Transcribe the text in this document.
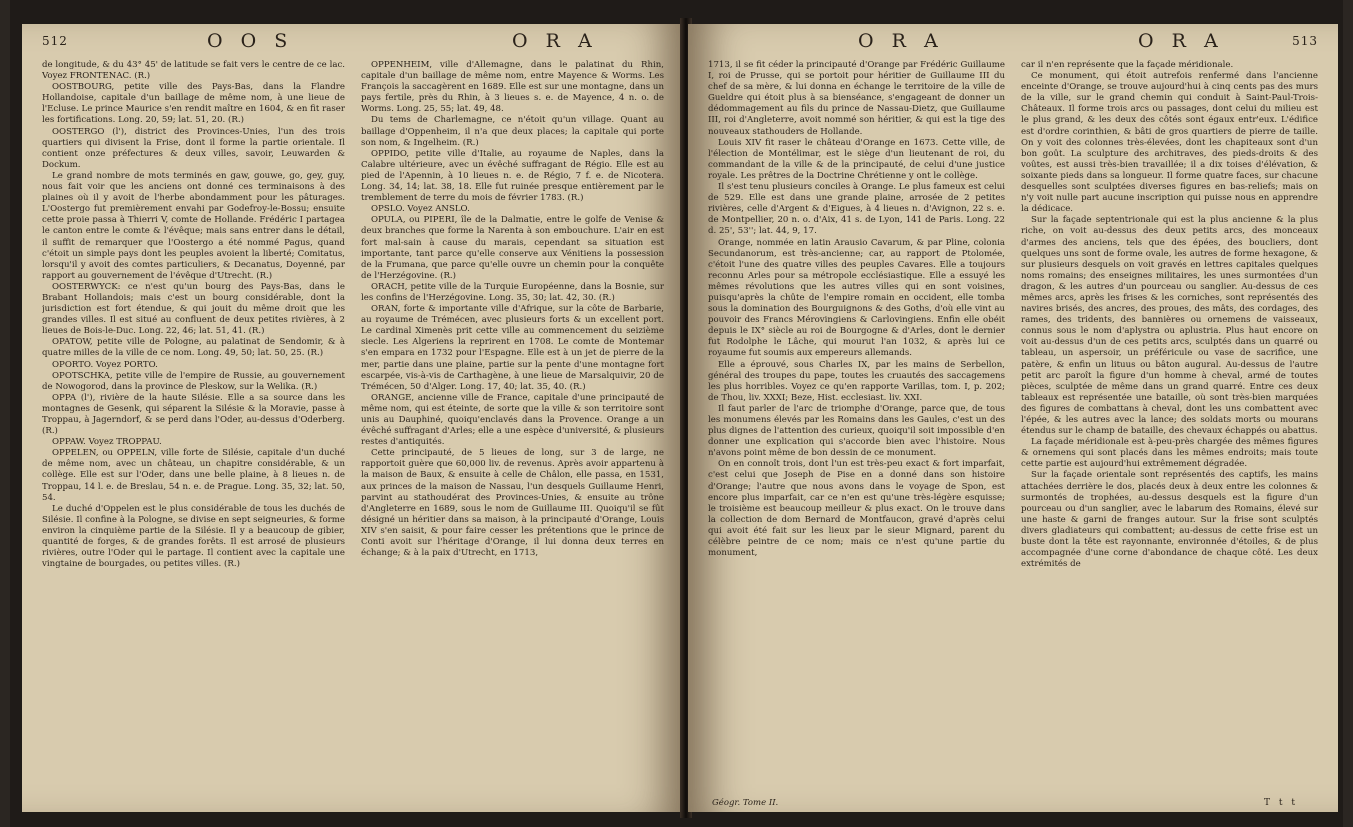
512	O O S	O R A

de longitude, & du 43° 45' de latitude se fait vers le centre de ce lac. Voyez FRONTENAC. (R.)

OOSTBOURG, petite ville des Pays-Bas, dans la Flandre Hollandoise, capitale d'un baillage de même nom, à une lieue de l'Ecluse. Le prince Maurice s'en rendit maître en 1604, & en fit raser les fortifications. Long. 20, 59; lat. 51, 20. (R.)

OOSTERGO (l'), district des Provinces-Unies, l'un des trois quartiers qui divisent la Frise, dont il forme la partie orientale. Il contient onze préfectures & deux villes, savoir, Leuwarden & Dockum.

Le grand nombre de mots terminés en gaw, gouwe, go, gey, guy, nous fait voir que les anciens ont donné ces terminaisons à des plaines où il y avoit de l'herbe abondamment pour les pâturages. L'Oostergo fut premièrement envahi par Godefroy-le-Bossu; ensuite cette proie passa à Thierri V, comte de Hollande. Frédéric I partagea le canton entre le comte & l'évêque; mais sans entrer dans le détail, il suffit de remarquer que l'Oostergo a été nommé Pagus, quand c'étoit un simple pays dont les peuples avoient la liberté; Comitatus, lorsqu'il y avoit des comtes particuliers, & Decanatus, Doyenné, par rapport au gouvernement de l'évêque d'Utrecht. (R.)

OOSTERWYCK: ce n'est qu'un bourg des Pays-Bas, dans le Brabant Hollandois; mais c'est un bourg considérable, dont la jurisdiction est fort étendue, & qui jouit du même droit que les grandes villes. Il est situé au confluent de deux petites rivières, à 2 lieues de Bois-le-Duc. Long. 22, 46; lat. 51, 41. (R.)

OPATOW, petite ville de Pologne, au palatinat de Sendomir, & à quatre milles de la ville de ce nom. Long. 49, 50; lat. 50, 25. (R.)

OPORTO. Voyez PORTO.

OPOTSCHKA, petite ville de l'empire de Russie, au gouvernement de Nowogorod, dans la province de Pleskow, sur la Welika. (R.)

OPPA (l'), rivière de la haute Silésie. Elle a sa source dans les montagnes de Gesenk, qui séparent la Silésie & la Moravie, passe à Troppau, à Jagerndorf, & se perd dans l'Oder, au-dessus d'Oderberg. (R.)

OPPAW. Voyez TROPPAU.

OPPELEN, ou OPPELN, ville forte de Silésie, capitale d'un duché de même nom, avec un château, un chapitre considérable, & un collège. Elle est sur l'Oder, dans une belle plaine, à 8 lieues n. de Troppau, 14 l. e. de Breslau, 54 n. e. de Prague. Long. 35, 32; lat. 50, 54.

Le duché d'Oppelen est le plus considérable de tous les duchés de Silésie. Il confine à la Pologne, se divise en sept seigneuries, & forme environ la cinquième partie de la Silésie. Il y a beaucoup de gibier, quantité de forges, & de grandes forêts. Il est arrosé de plusieurs rivières, outre l'Oder qui le partage. Il contient avec la capitale une vingtaine de bourgades, ou petites villes. (R.)

OPPENHEIM, ville d'Allemagne, dans le palatinat du Rhin, capitale d'un baillage de même nom, entre Mayence & Worms. Les François la saccagèrent en 1689. Elle est sur une montagne, dans un pays fertile, près du Rhin, à 3 lieues s. e. de Mayence, 4 n. o. de Worms. Long. 25, 55; lat. 49, 48.

Du tems de Charlemagne, ce n'étoit qu'un village. Quant au baillage d'Oppenheim, il n'a que deux places; la capitale qui porte son nom, & Ingelheim. (R.)

OPPIDO, petite ville d'Italie, au royaume de Naples, dans la Calabre ultérieure, avec un évêché suffragant de Régio. Elle est au pied de l'Apennin, à 10 lieues n. e. de Régio, 7 f. e. de Nicotera. Long. 34, 14; lat. 38, 18. Elle fut ruinée presque entièrement par le tremblement de terre du mois de février 1783. (R.)

OPSLO. Voyez ANSLO.

OPULA, ou PIPERI, île de la Dalmatie, entre le golfe de Venise & deux branches que forme la Narenta à son embouchure. L'air en est fort mal-sain à cause du marais, cependant sa situation est importante, tant parce qu'elle conserve aux Vénitiens la possession de la Frumana, que parce qu'elle ouvre un chemin pour la conquête de l'Herzégovine. (R.)

ORACH, petite ville de la Turquie Européenne, dans la Bosnie, sur les confins de l'Herzégovine. Long. 35, 30; lat. 42, 30. (R.)

ORAN, forte & importante ville d'Afrique, sur la côte de Barbarie, au royaume de Trémécen, avec plusieurs forts & un excellent port. Le cardinal Ximenès prit cette ville au commencement du seizième siecle. Les Algeriens la reprirent en 1708. Le comte de Montemar s'en empara en 1732 pour l'Espagne. Elle est à un jet de pierre de la mer, partie dans une plaine, partie sur la pente d'une montagne fort escarpée, vis-à-vis de Carthagène, à une lieue de Marsalquivir, 20 de Trémécen, 50 d'Alger. Long. 17, 40; lat. 35, 40. (R.)

ORANGE, ancienne ville de France, capitale d'une principauté de même nom, qui est éteinte, de sorte que la ville & son territoire sont unis au Dauphiné, quoiqu'enclavés dans la Provence. Orange a un évêché suffragant d'Arles; elle a une espèce d'université, & plusieurs restes d'antiquités.

Cette principauté, de 5 lieues de long, sur 3 de large, ne rapportoit guère que 60,000 liv. de revenus. Après avoir appartenu à la maison de Baux, & ensuite à celle de Châlon, elle passa, en 1531, aux princes de la maison de Nassau, l'un desquels Guillaume Henri, parvint au stathoudérat des Provinces-Unies, & ensuite au trône d'Angleterre en 1689, sous le nom de Guillaume III. Quoiqu'il se fût désigné un héritier dans sa maison, à la principauté d'Orange, Louis XIV s'en saisit, & pour faire cesser les prétentions que le prince de Conti avoit sur l'héritage d'Orange, il lui donna deux terres en échange; & à la paix d'Utrecht, en 1713,

O R A	O R A	513

1713, il se fit céder la principauté d'Orange par Frédéric Guillaume I, roi de Prusse, qui se portoit pour héritier de Guillaume III du chef de sa mère, & lui donna en échange le territoire de la ville de Gueldre qui étoit plus à sa bienséance, s'engageant de donner un dédommagement au fils du prince de Nassau-Dietz, que Guillaume III, roi d'Angleterre, avoit nommé son héritier, & qui est la tige des nouveaux stathouders de Hollande.

Louis XIV fit raser le château d'Orange en 1673. Cette ville, de l'élection de Montélimar, est le siège d'un lieutenant de roi, du commandant de la ville & de la principauté, de celui d'une justice royale. Les prêtres de la Doctrine Chrétienne y ont le collège.

Il s'est tenu plusieurs conciles à Orange. Le plus fameux est celui de 529. Elle est dans une grande plaine, arrosée de 2 petites rivières, celle d'Argent & d'Eigues, à 4 lieues n. d'Avignon, 22 s. e. de Montpellier, 20 n. o. d'Aix, 41 s. de Lyon, 141 de Paris. Long. 22 d. 25', 53''; lat. 44, 9, 17.

Orange, nommée en latin Arausio Cavarum, & par Pline, colonia Secundanorum, est très-ancienne; car, au rapport de Ptolomée, c'étoit l'une des quatre villes des peuples Cavares. Elle a toujours reconnu Arles pour sa métropole ecclésiastique. Elle a essuyé les mêmes révolutions que les autres villes qui en sont voisines, puisqu'après la chûte de l'empire romain en occident, elle tomba sous la domination des Bourguignons & des Goths, d'où elle vint au pouvoir des Francs Mérovingiens & Carlovingiens. Enfin elle obéit depuis le IX° siècle au roi de Bourgogne & d'Arles, dont le dernier fut Rodolphe le Lâche, qui mourut l'an 1032, & après lui ce royaume fut soumis aux empereurs allemands.

Elle a éprouvé, sous Charles IX, par les mains de Serbellon, général des troupes du pape, toutes les cruautés des saccagemens les plus horribles. Voyez ce qu'en rapporte Varillas, tom. I, p. 202; de Thou, liv. XXXI; Beze, Hist. ecclesiast. liv. XXI.

Il faut parler de l'arc de triomphe d'Orange, parce que, de tous les monumens élevés par les Romains dans les Gaules, c'est un des plus dignes de l'attention des curieux, quoiqu'il soit impossible d'en donner une explication qui s'accorde bien avec l'histoire. Nous n'avons point même de bon dessin de ce monument.

On en connoît trois, dont l'un est très-peu exact & fort imparfait, c'est celui que Joseph de Pise en a donné dans son histoire d'Orange; l'autre que nous avons dans le voyage de Spon, est encore plus imparfait, car ce n'en est qu'une très-légère esquisse; le troisième est beaucoup meilleur & plus exact. On le trouve dans la collection de dom Bernard de Montfaucon, gravé d'après celui qui avoit été fait sur les lieux par le sieur Mignard, parent du célèbre peintre de ce nom; mais ce n'est qu'une partie du monument,

car il n'en représente que la façade méridionale.

Ce monument, qui étoit autrefois renfermé dans l'ancienne enceinte d'Orange, se trouve aujourd'hui à cinq cents pas des murs de la ville, sur le grand chemin qui conduit à Saint-Paul-Trois-Châteaux. Il forme trois arcs ou passages, dont celui du milieu est le plus grand, & les deux des côtés sont égaux entr'eux. L'édifice est d'ordre corinthien, & bâti de gros quartiers de pierre de taille. On y voit des colonnes très-élevées, dont les chapiteaux sont d'un bon goût. La sculpture des architraves, des pieds-droits & des voûtes, est aussi très-bien travaillée; il a dix toises d'élévation, & soixante pieds dans sa longueur. Il forme quatre faces, sur chacune desquelles sont sculptées diverses figures en bas-reliefs; mais on n'y voit nulle part aucune inscription qui puisse nous en apprendre la dédicace.

Sur la façade septentrionale qui est la plus ancienne & la plus riche, on voit au-dessus des deux petits arcs, des monceaux d'armes des anciens, tels que des épées, des boucliers, dont quelques uns sont de forme ovale, les autres de forme hexagone, & sur plusieurs desquels on voit gravés en lettres capitales quelques noms romains; des enseignes militaires, les unes surmontées d'un dragon, & les autres d'un pourceau ou sanglier. Au-dessus de ces mêmes arcs, après les frises & les corniches, sont représentés des navires brisés, des ancres, des proues, des mâts, des cordages, des rames, des tridents, des bannières ou ornemens de vaisseaux, connus sous le nom d'aplystra ou aplustria. Plus haut encore on voit au-dessus d'un de ces petits arcs, sculptés dans un quarré ou tableau, un aspersoir, un préféricule ou vase de sacrifice, une patère, & enfin un lituus ou bâton augural. Au-dessus de l'autre petit arc paroît la figure d'un homme à cheval, armé de toutes pièces, sculptée de même dans un grand quarré. Entre ces deux tableaux est représentée une bataille, où sont très-bien marquées des figures de combattans à cheval, dont les uns combattent avec l'épée, & les autres avec la lance; des soldats morts ou mourans étendus sur le champ de bataille, des chevaux échappés ou abattus.

La façade méridionale est à-peu-près chargée des mêmes figures & ornemens qui sont placés dans les mêmes endroits; mais toute cette partie est aujourd'hui extrêmement dégradée.

Sur la façade orientale sont représentés des captifs, les mains attachées derrière le dos, placés deux à deux entre les colonnes & surmontés de trophées, au-dessus desquels est la figure d'un pourceau ou d'un sanglier, avec le labarum des Romains, élevé sur une haste & garni de franges autour. Sur la frise sont sculptés divers gladiateurs qui combattent; au-dessus de cette frise est un buste dont la tête est rayonnante, environnée d'étoiles, & de plus accompagnée d'une corne d'abondance de chaque côté. Les deux extrémités de

Géogr. Tome II.	T t t
